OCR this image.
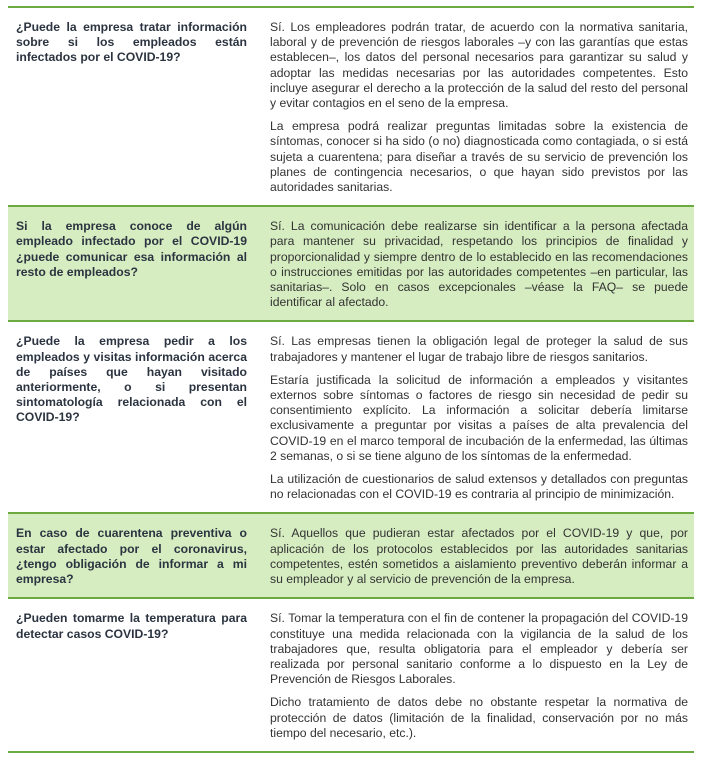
¿Puede la empresa tratar información sobre si los empleados están infectados por el COVID-19?	Sí. Los empleadores podrán tratar, de acuerdo con la normativa sanitaria, laboral y de prevención de riesgos laborales –y con las garantías que estas establecen–, los datos del personal necesarios para garantizar su salud y adoptar las medidas necesarias por las autoridades competentes. Esto incluye asegurar el derecho a la protección de la salud del resto del personal y evitar contagios en el seno de la empresa.

La empresa podrá realizar preguntas limitadas sobre la existencia de síntomas, conocer si ha sido (o no) diagnosticada como contagiada, o si está sujeta a cuarentena; para diseñar a través de su servicio de prevención los planes de contingencia necesarios, o que hayan sido previstos por las autoridades sanitarias.

Si la empresa conoce de algún empleado infectado por el COVID-19 ¿puede comunicar esa información al resto de empleados?	Sí. La comunicación debe realizarse sin identificar a la persona afectada para mantener su privacidad, respetando los principios de finalidad y proporcionalidad y siempre dentro de lo establecido en las recomendaciones o instrucciones emitidas por las autoridades competentes –en particular, las sanitarias–. Solo en casos excepcionales –véase la FAQ– se puede identificar al afectado.

¿Puede la empresa pedir a los empleados y visitas información acerca de países que hayan visitado anteriormente, o si presentan sintomatología relacionada con el COVID-19?	Sí. Las empresas tienen la obligación legal de proteger la salud de sus trabajadores y mantener el lugar de trabajo libre de riesgos sanitarios.

Estaría justificada la solicitud de información a empleados y visitantes externos sobre síntomas o factores de riesgo sin necesidad de pedir su consentimiento explícito. La información a solicitar debería limitarse exclusivamente a preguntar por visitas a países de alta prevalencia del COVID-19 en el marco temporal de incubación de la enfermedad, las últimas 2 semanas, o si se tiene alguno de los síntomas de la enfermedad.

La utilización de cuestionarios de salud extensos y detallados con preguntas no relacionadas con el COVID-19 es contraria al principio de minimización.

En caso de cuarentena preventiva o estar afectado por el coronavirus, ¿tengo obligación de informar a mi empresa?	Sí. Aquellos que pudieran estar afectados por el COVID-19 y que, por aplicación de los protocolos establecidos por las autoridades sanitarias competentes, estén sometidos a aislamiento preventivo deberán informar a su empleador y al servicio de prevención de la empresa.

¿Pueden tomarme la temperatura para detectar casos COVID-19?	Sí. Tomar la temperatura con el fin de contener la propagación del COVID-19 constituye una medida relacionada con la vigilancia de la salud de los trabajadores que, resulta obligatoria para el empleador y debería ser realizada por personal sanitario conforme a lo dispuesto en la Ley de Prevención de Riesgos Laborales.

Dicho tratamiento de datos debe no obstante respetar la normativa de protección de datos (limitación de la finalidad, conservación por no más tiempo del necesario, etc.).
